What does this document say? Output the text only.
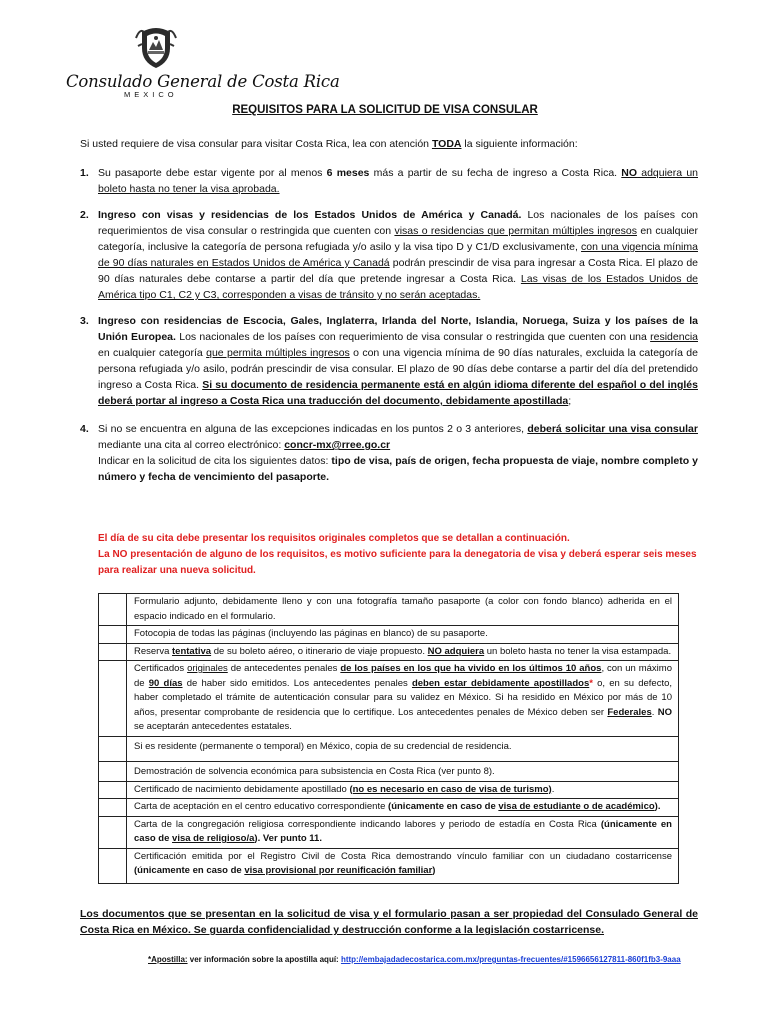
Consulado General de Costa Rica
MEXICO
REQUISITOS PARA LA SOLICITUD DE VISA CONSULAR
Si usted requiere de visa consular para visitar Costa Rica, lea con atención TODA la siguiente información:
1. Su pasaporte debe estar vigente por al menos 6 meses más a partir de su fecha de ingreso a Costa Rica. NO adquiera un boleto hasta no tener la visa aprobada.
2. Ingreso con visas y residencias de los Estados Unidos de América y Canadá. Los nacionales de los países con requerimientos de visa consular o restringida que cuenten con visas o residencias que permitan múltiples ingresos en cualquier categoría, inclusive la categoría de persona refugiada y/o asilo y la visa tipo D y C1/D exclusivamente, con una vigencia mínima de 90 días naturales en Estados Unidos de América y Canadá podrán prescindir de visa para ingresar a Costa Rica. El plazo de 90 días naturales debe contarse a partir del día que pretende ingresar a Costa Rica. Las visas de los Estados Unidos de América tipo C1, C2 y C3, corresponden a visas de tránsito y no serán aceptadas.
3. Ingreso con residencias de Escocia, Gales, Inglaterra, Irlanda del Norte, Islandia, Noruega, Suiza y los países de la Unión Europea. Los nacionales de los países con requerimiento de visa consular o restringida que cuenten con una residencia en cualquier categoría que permita múltiples ingresos o con una vigencia mínima de 90 días naturales, excluida la categoría de persona refugiada y/o asilo, podrán prescindir de visa consular. El plazo de 90 días debe contarse a partir del día del pretendido ingreso a Costa Rica. Si su documento de residencia permanente está en algún idioma diferente del español o del inglés deberá portar al ingreso a Costa Rica una traducción del documento, debidamente apostillada;
4. Si no se encuentra en alguna de las excepciones indicadas en los puntos 2 o 3 anteriores, deberá solicitar una visa consular mediante una cita al correo electrónico: concr-mx@rree.go.cr
Indicar en la solicitud de cita los siguientes datos: tipo de visa, país de origen, fecha propuesta de viaje, nombre completo y número y fecha de vencimiento del pasaporte.
El día de su cita debe presentar los requisitos originales completos que se detallan a continuación.
La NO presentación de alguno de los requisitos, es motivo suficiente para la denegatoria de visa y deberá esperar seis meses para realizar una nueva solicitud.
	Formulario adjunto, debidamente lleno y con una fotografía tamaño pasaporte (a color con fondo blanco) adherida en el espacio indicado en el formulario.
	Fotocopia de todas las páginas (incluyendo las páginas en blanco) de su pasaporte.
	Reserva tentativa de su boleto aéreo, o itinerario de viaje propuesto. NO adquiera un boleto hasta no tener la visa estampada.
	Certificados originales de antecedentes penales de los países en los que ha vivido en los últimos 10 años, con un máximo de 90 días de haber sido emitidos. Los antecedentes penales deben estar debidamente apostillados* o, en su defecto, haber completado el trámite de autenticación consular para su validez en México. Si ha residido en México por más de 10 años, presentar comprobante de residencia que lo certifique. Los antecedentes penales de México deben ser Federales. NO se aceptarán antecedentes estatales.
	Si es residente (permanente o temporal) en México, copia de su credencial de residencia.
	Demostración de solvencia económica para subsistencia en Costa Rica (ver punto 8).
	Certificado de nacimiento debidamente apostillado (no es necesario en caso de visa de turismo).
	Carta de aceptación en el centro educativo correspondiente (únicamente en caso de visa de estudiante o de académico).
	Carta de la congregación religiosa correspondiente indicando labores y periodo de estadía en Costa Rica (únicamente en caso de visa de religioso/a). Ver punto 11.
	Certificación emitida por el Registro Civil de Costa Rica demostrando vínculo familiar con un ciudadano costarricense (únicamente en caso de visa provisional por reunificación familiar)
Los documentos que se presentan en la solicitud de visa y el formulario pasan a ser propiedad del Consulado General de Costa Rica en México. Se guarda confidencialidad y destrucción conforme a la legislación costarricense.
*Apostilla: ver información sobre la apostilla aquí: http://embajadadecostarica.com.mx/preguntas-frecuentes/#1596656127811-860f1fb3-9aaa
